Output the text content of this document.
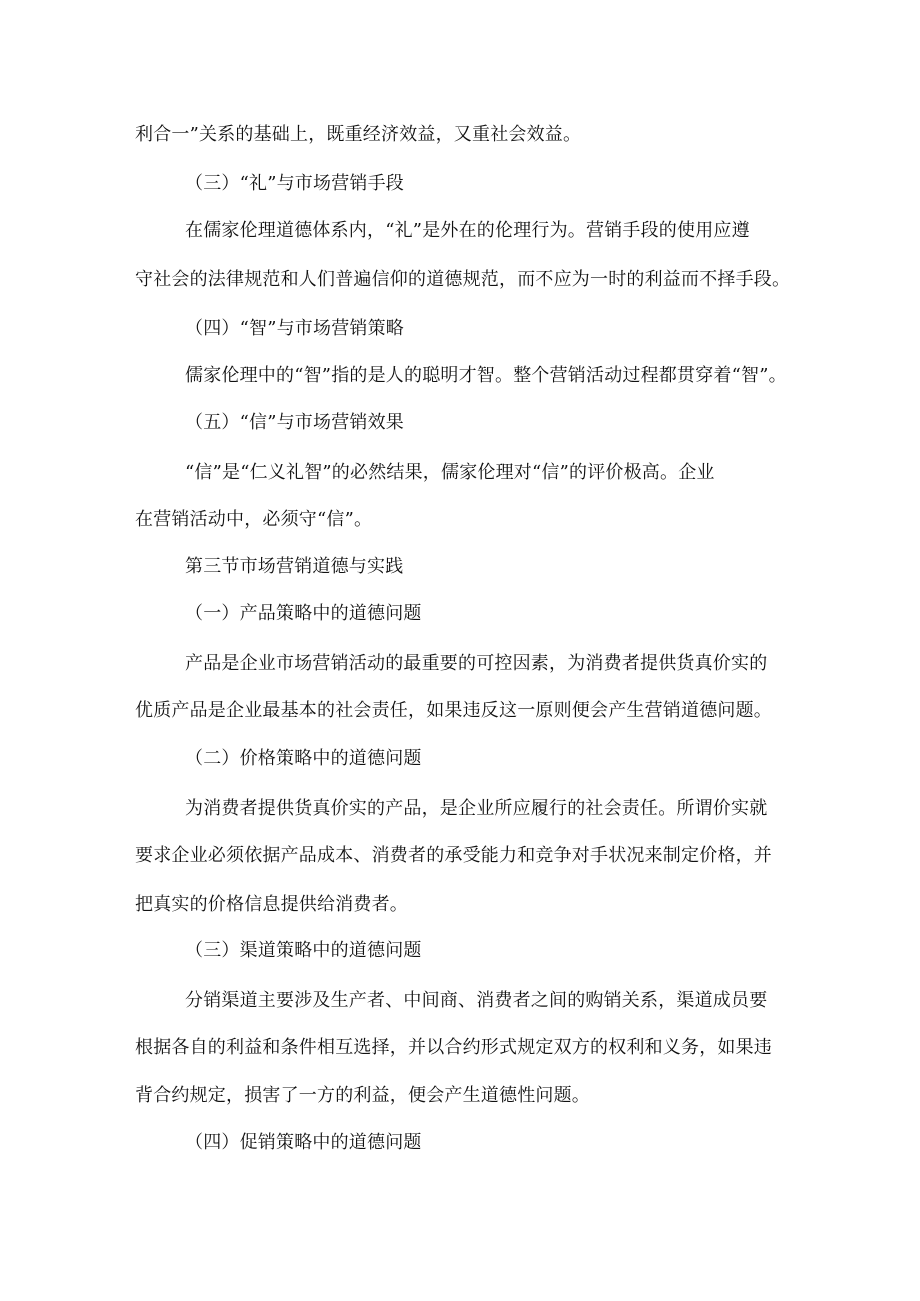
利合一”关系的基础上，既重经济效益，又重社会效益。
（三）“礼”与市场营销手段
在儒家伦理道德体系内，“礼”是外在的伦理行为。营销手段的使用应遵
守社会的法律规范和人们普遍信仰的道德规范，而不应为一时的利益而不择手段。
（四）“智”与市场营销策略
儒家伦理中的“智”指的是人的聪明才智。整个营销活动过程都贯穿着“智”。
（五）“信”与市场营销效果
“信”是“仁义礼智”的必然结果，儒家伦理对“信”的评价极高。企业
在营销活动中，必须守“信”。
第三节市场营销道德与实践
（一）产品策略中的道德问题
产品是企业市场营销活动的最重要的可控因素，为消费者提供货真价实的
优质产品是企业最基本的社会责任，如果违反这一原则便会产生营销道德问题。
（二）价格策略中的道德问题
为消费者提供货真价实的产品，是企业所应履行的社会责任。所谓价实就
要求企业必须依据产品成本、消费者的承受能力和竞争对手状况来制定价格，并
把真实的价格信息提供给消费者。
（三）渠道策略中的道德问题
分销渠道主要涉及生产者、中间商、消费者之间的购销关系，渠道成员要
根据各自的利益和条件相互选择，并以合约形式规定双方的权利和义务，如果违
背合约规定，损害了一方的利益，便会产生道德性问题。
（四）促销策略中的道德问题
